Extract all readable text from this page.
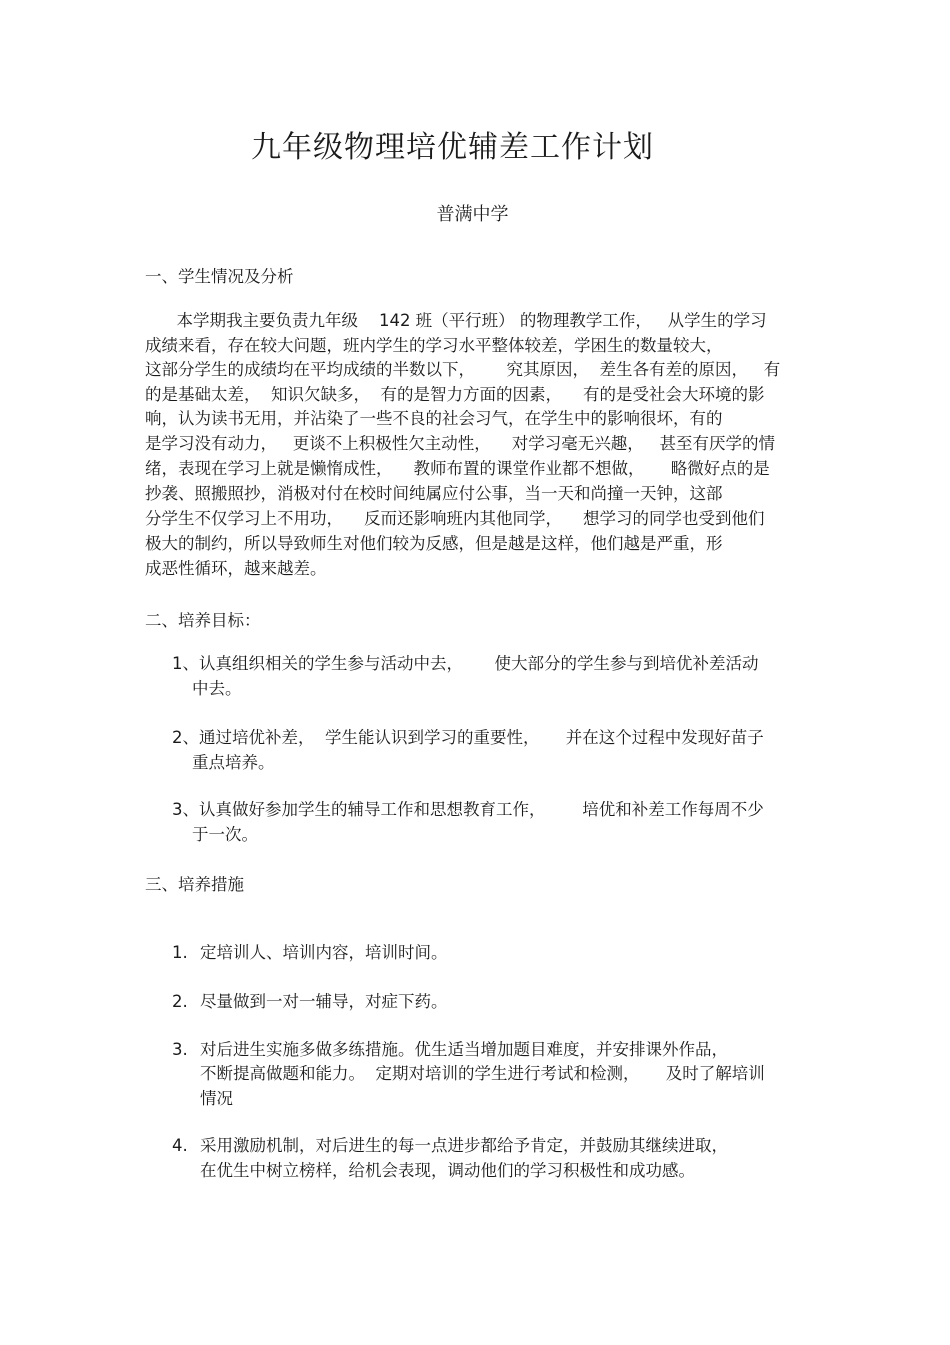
九年级物理培优辅差工作计划
普满中学
一、学生情况及分析
本学期我主要负责九年级    142 班（平行班） 的物理教学工作，   从学生的学习
成绩来看，存在较大问题，班内学生的学习水平整体较差，学困生的数量较大，
这部分学生的成绩均在平均成绩的半数以下，      究其原因，  差生各有差的原因，   有
的是基础太差，  知识欠缺多，  有的是智力方面的因素，    有的是受社会大环境的影
响，认为读书无用，并沾染了一些不良的社会习气，在学生中的影响很坏，有的
是学习没有动力，   更谈不上积极性欠主动性，    对学习毫无兴趣，   甚至有厌学的情
绪，表现在学习上就是懒惰成性，    教师布置的课堂作业都不想做，     略微好点的是
抄袭、照搬照抄，消极对付在校时间纯属应付公事，当一天和尚撞一天钟，这部
分学生不仅学习上不用功，    反而还影响班内其他同学，    想学习的同学也受到他们
极大的制约，所以导致师生对他们较为反感，但是越是这样，他们越是严重，形
成恶性循环，越来越差。
二、培养目标：
1、认真组织相关的学生参与活动中去，      使大部分的学生参与到培优补差活动
中去。
2、通过培优补差，  学生能认识到学习的重要性，     并在这个过程中发现好苗子
重点培养。
3、认真做好参加学生的辅导工作和思想教育工作，       培优和补差工作每周不少
于一次。
三、培养措施
1. 定培训人、培训内容，培训时间。
2. 尽量做到一对一辅导，对症下药。
3. 对后进生实施多做多练措施。优生适当增加题目难度，并安排课外作品，
不断提高做题和能力。  定期对培训的学生进行考试和检测，     及时了解培训
情况
4. 采用激励机制，对后进生的每一点进步都给予肯定，并鼓励其继续进取，
在优生中树立榜样，给机会表现，调动他们的学习积极性和成功感。
